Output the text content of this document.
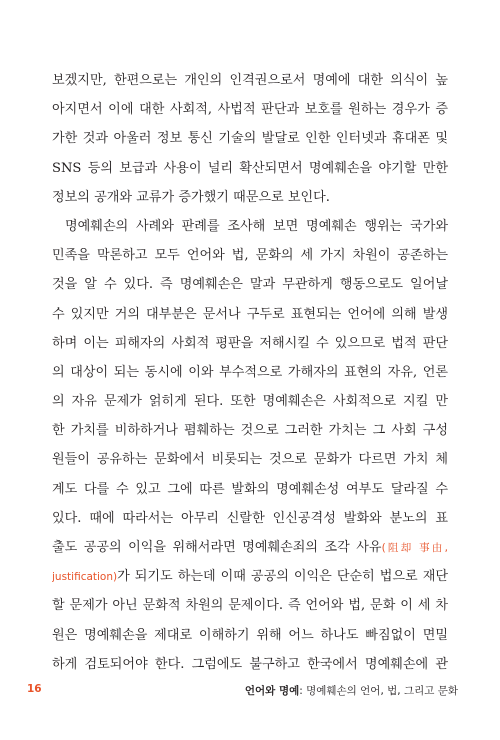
보겠지만, 한편으로는 개인의 인격권으로서 명예에 대한 의식이 높
아지면서 이에 대한 사회적, 사법적 판단과 보호를 원하는 경우가 증
가한 것과 아울러 정보 통신 기술의 발달로 인한 인터넷과 휴대폰 및
SNS 등의 보급과 사용이 널리 확산되면서 명예훼손을 야기할 만한
정보의 공개와 교류가 증가했기 때문으로 보인다.
명예훼손의 사례와 판례를 조사해 보면 명예훼손 행위는 국가와
민족을 막론하고 모두 언어와 법, 문화의 세 가지 차원이 공존하는
것을 알 수 있다. 즉 명예훼손은 말과 무관하게 행동으로도 일어날
수 있지만 거의 대부분은 문서나 구두로 표현되는 언어에 의해 발생
하며 이는 피해자의 사회적 평판을 저해시킬 수 있으므로 법적 판단
의 대상이 되는 동시에 이와 부수적으로 가해자의 표현의 자유, 언론
의 자유 문제가 얽히게 된다. 또한 명예훼손은 사회적으로 지킬 만
한 가치를 비하하거나 폄훼하는 것으로 그러한 가치는 그 사회 구성
원들이 공유하는 문화에서 비롯되는 것으로 문화가 다르면 가치 체
계도 다를 수 있고 그에 따른 발화의 명예훼손성 여부도 달라질 수
있다. 때에 따라서는 아무리 신랄한 인신공격성 발화와 분노의 표
출도 공공의 이익을 위해서라면 명예훼손죄의 조각 사유(阻却 事由,
justification)가 되기도 하는데 이때 공공의 이익은 단순히 법으로 재단
할 문제가 아닌 문화적 차원의 문제이다. 즉 언어와 법, 문화 이 세 차
원은 명예훼손을 제대로 이해하기 위해 어느 하나도 빠짐없이 면밀
하게 검토되어야 한다. 그럼에도 불구하고 한국에서 명예훼손에 관
16	언어와 명예: 명예훼손의 언어, 법, 그리고 문화
